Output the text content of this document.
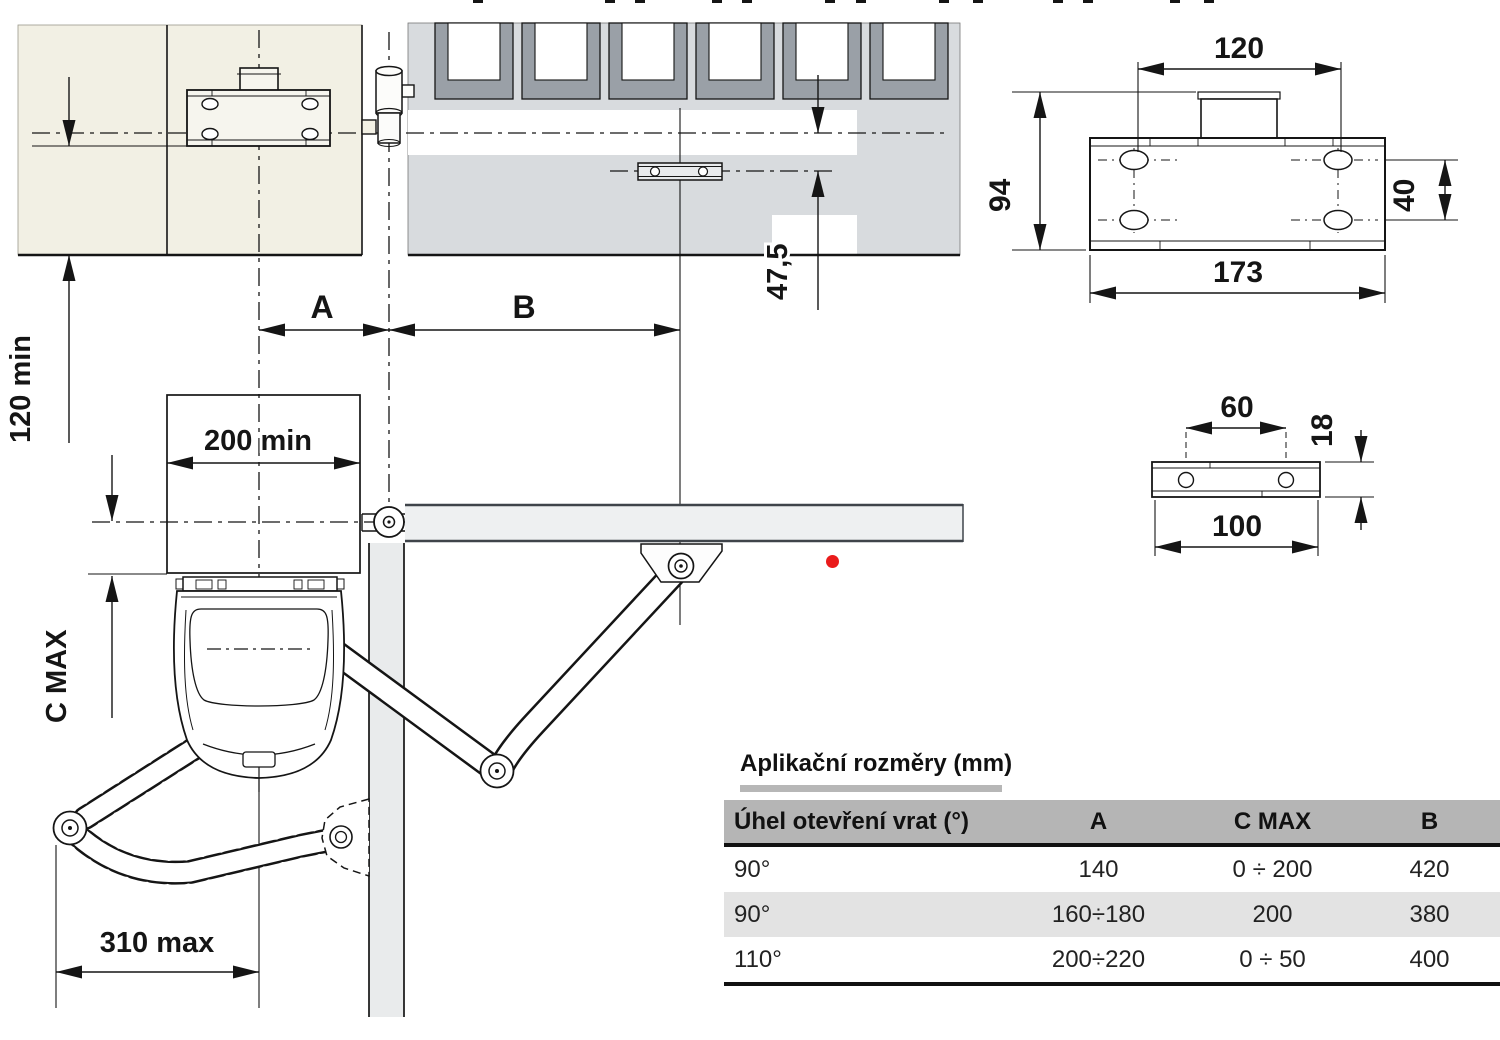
120 min
A	B
47,5
200 min
C MAX
310 max
120
94	40
173
60
18
100
Aplikační rozměry (mm)
Úhel otevření vrat (°)	A	C MAX	B
90°	140	0 ÷ 200	420
90°	160÷180	200	380
110°	200÷220	0 ÷ 50	400
